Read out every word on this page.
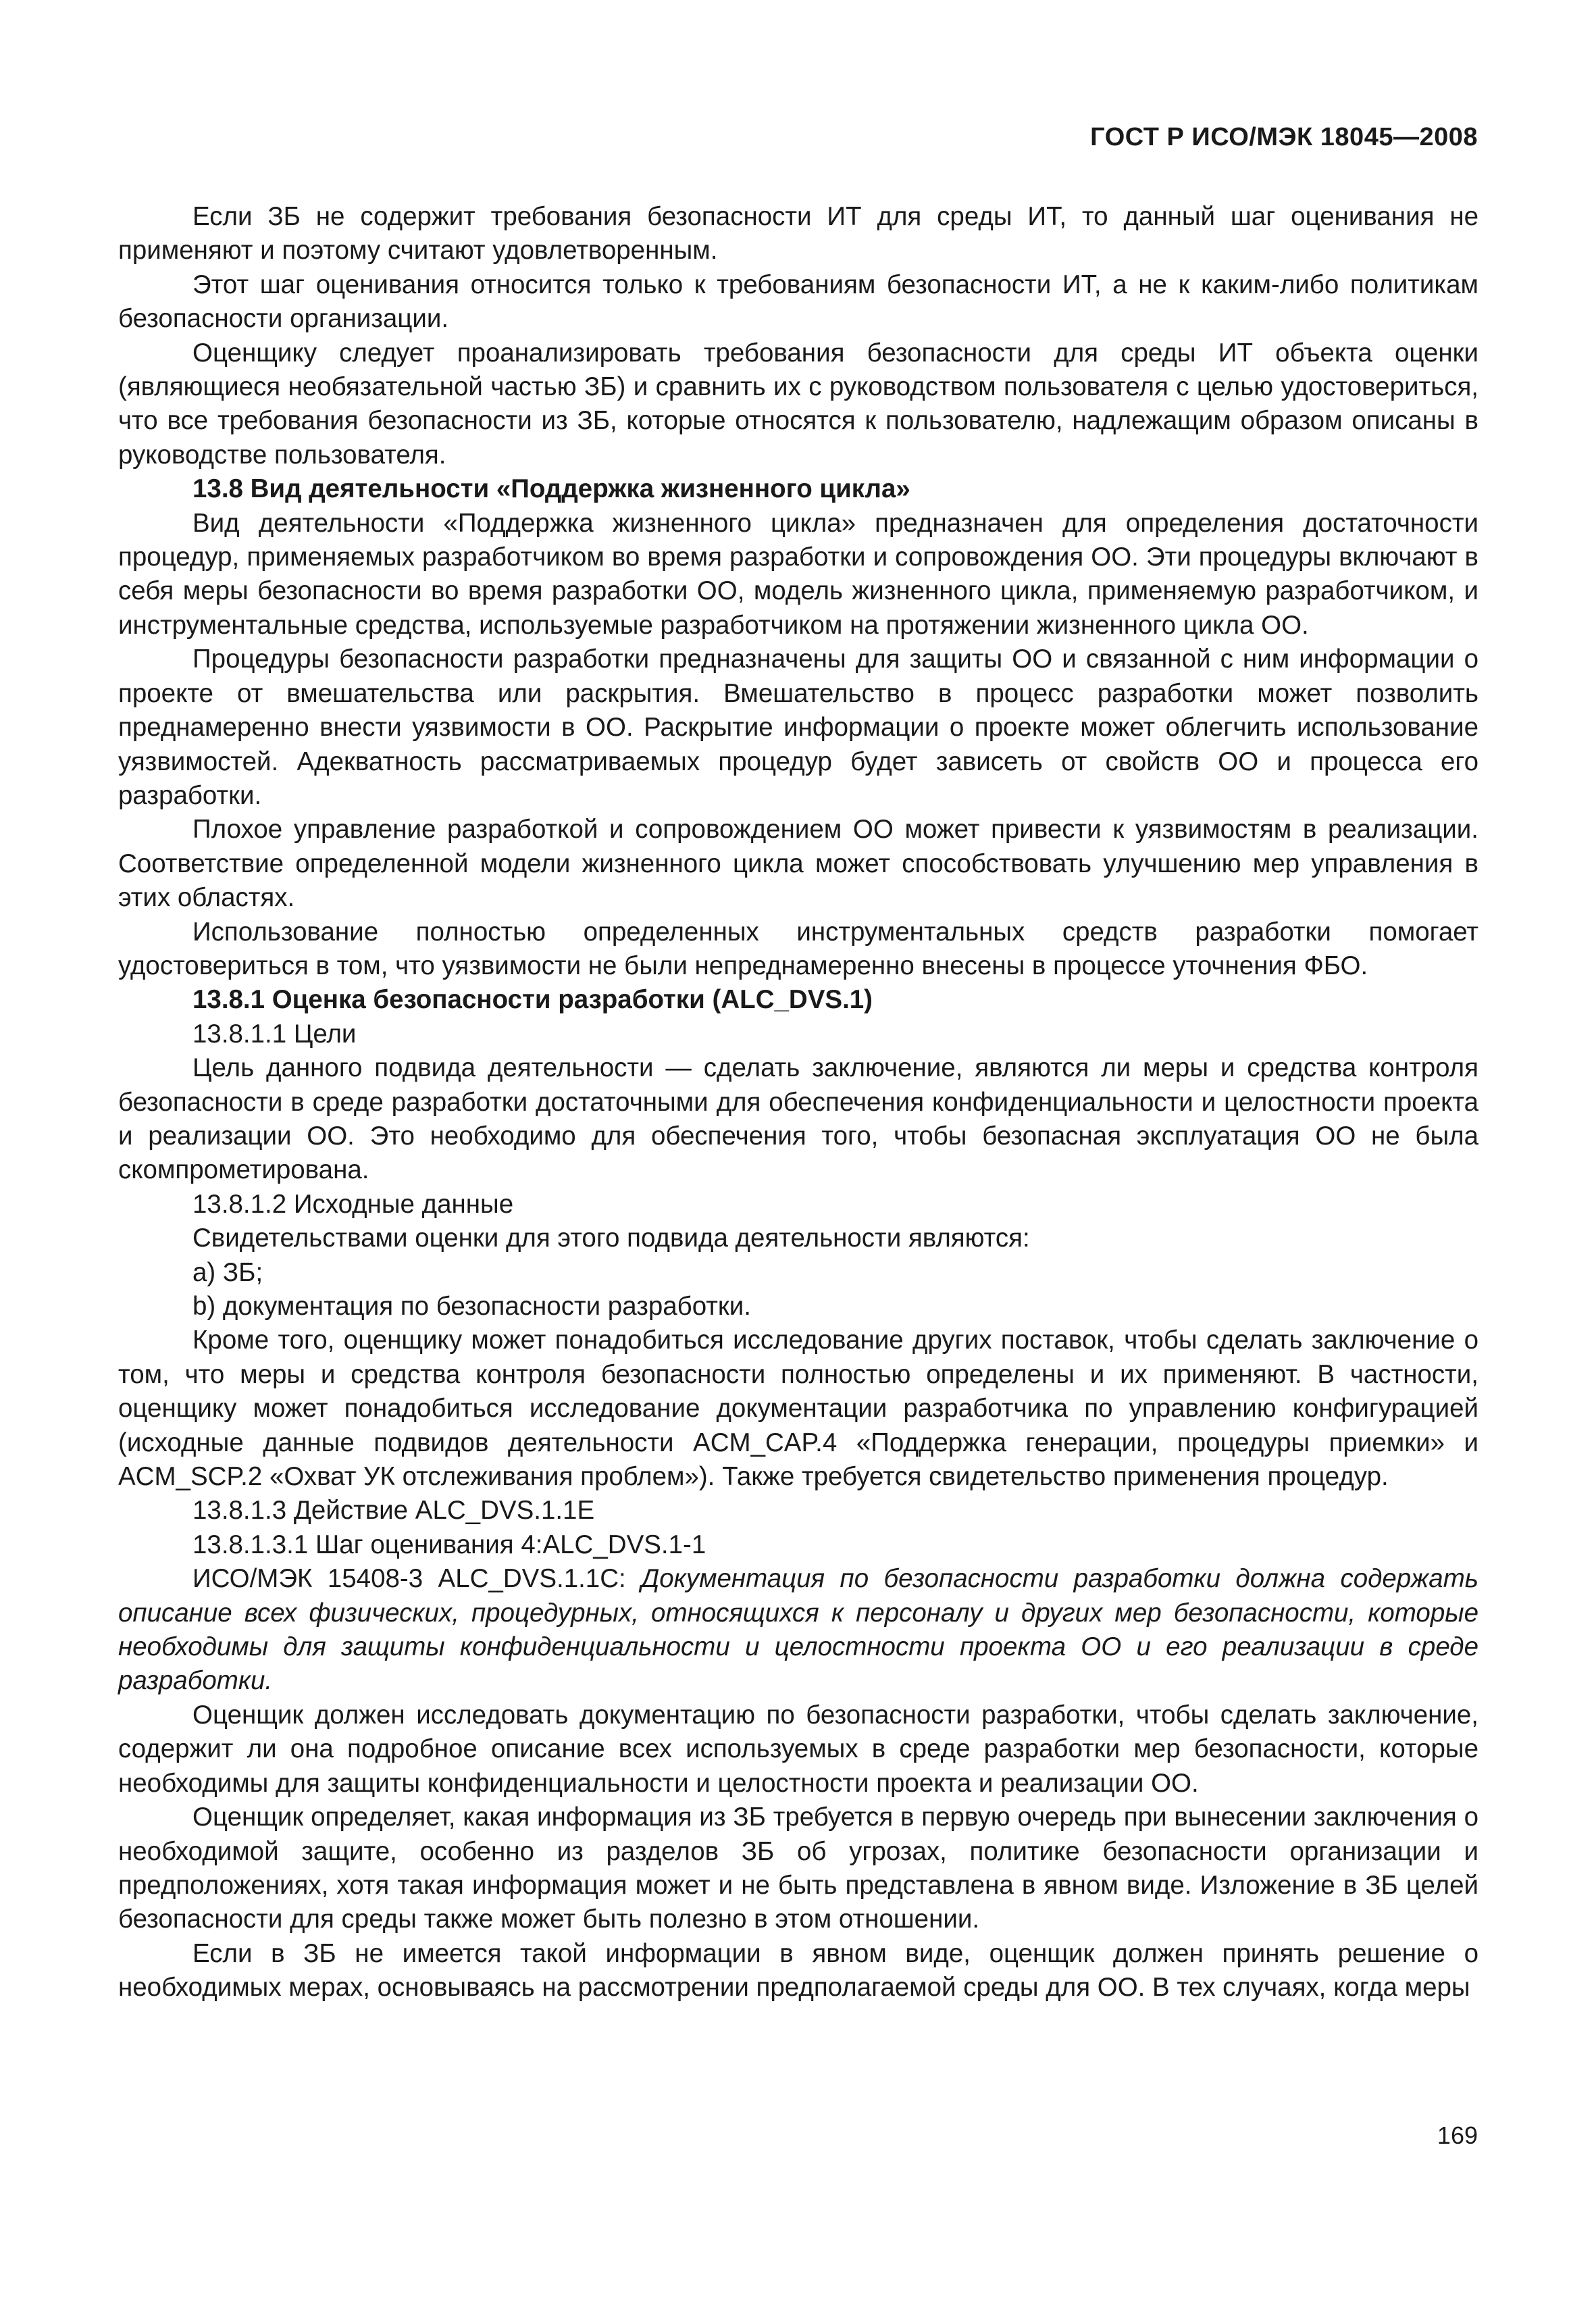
ГОСТ Р ИСО/МЭК 18045—2008

Если ЗБ не содержит требования безопасности ИТ для среды ИТ, то данный шаг оценивания не применяют и поэтому считают удовлетворенным.

Этот шаг оценивания относится только к требованиям безопасности ИТ, а не к каким-либо политикам безопасности организации.

Оценщику следует проанализировать требования безопасности для среды ИТ объекта оценки (являющиеся необязательной частью ЗБ) и сравнить их с руководством пользователя с целью удостовериться, что все требования безопасности из ЗБ, которые относятся к пользователю, надлежащим образом описаны в руководстве пользователя.

13.8 Вид деятельности «Поддержка жизненного цикла»

Вид деятельности «Поддержка жизненного цикла» предназначен для определения достаточности процедур, применяемых разработчиком во время разработки и сопровождения ОО. Эти процедуры включают в себя меры безопасности во время разработки ОО, модель жизненного цикла, применяемую разработчиком, и инструментальные средства, используемые разработчиком на протяжении жизненного цикла ОО.

Процедуры безопасности разработки предназначены для защиты ОО и связанной с ним информации о проекте от вмешательства или раскрытия. Вмешательство в процесс разработки может позволить преднамеренно внести уязвимости в ОО. Раскрытие информации о проекте может облегчить использование уязвимостей. Адекватность рассматриваемых процедур будет зависеть от свойств ОО и процесса его разработки.

Плохое управление разработкой и сопровождением ОО может привести к уязвимостям в реализации. Соответствие определенной модели жизненного цикла может способствовать улучшению мер управления в этих областях.

Использование полностью определенных инструментальных средств разработки помогает удостовериться в том, что уязвимости не были непреднамеренно внесены в процессе уточнения ФБО.

13.8.1 Оценка безопасности разработки (ALC_DVS.1)

13.8.1.1 Цели

Цель данного подвида деятельности — сделать заключение, являются ли меры и средства контроля безопасности в среде разработки достаточными для обеспечения конфиденциальности и целостности проекта и реализации ОО. Это необходимо для обеспечения того, чтобы безопасная эксплуатация ОО не была скомпрометирована.

13.8.1.2 Исходные данные

Свидетельствами оценки для этого подвида деятельности являются:

а) ЗБ;

b) документация по безопасности разработки.

Кроме того, оценщику может понадобиться исследование других поставок, чтобы сделать заключение о том, что меры и средства контроля безопасности полностью определены и их применяют. В частности, оценщику может понадобиться исследование документации разработчика по управлению конфигурацией (исходные данные подвидов деятельности ACM_CAP.4 «Поддержка генерации, процедуры приемки» и ACM_SCP.2 «Охват УК отслеживания проблем»). Также требуется свидетельство применения процедур.

13.8.1.3 Действие ALC_DVS.1.1E

13.8.1.3.1 Шаг оценивания 4:ALC_DVS.1-1

ИСО/МЭК 15408-3 ALC_DVS.1.1C: Документация по безопасности разработки должна содержать описание всех физических, процедурных, относящихся к персоналу и других мер безопасности, которые необходимы для защиты конфиденциальности и целостности проекта ОО и его реализации в среде разработки.

Оценщик должен исследовать документацию по безопасности разработки, чтобы сделать заключение, содержит ли она подробное описание всех используемых в среде разработки мер безопасности, которые необходимы для защиты конфиденциальности и целостности проекта и реализации ОО.

Оценщик определяет, какая информация из ЗБ требуется в первую очередь при вынесении заключения о необходимой защите, особенно из разделов ЗБ об угрозах, политике безопасности организации и предположениях, хотя такая информация может и не быть представлена в явном виде. Изложение в ЗБ целей безопасности для среды также может быть полезно в этом отношении.

Если в ЗБ не имеется такой информации в явном виде, оценщик должен принять решение о необходимых мерах, основываясь на рассмотрении предполагаемой среды для ОО. В тех случаях, когда меры

169
